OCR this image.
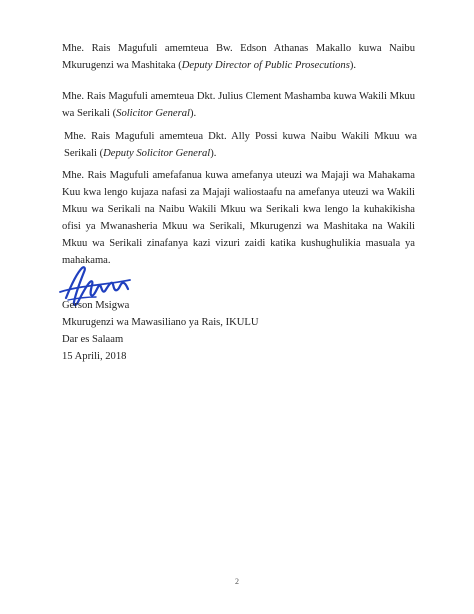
Mhe. Rais Magufuli amemteua Bw. Edson Athanas Makallo kuwa Naibu Mkurugenzi wa Mashitaka (Deputy Director of Public Prosecutions).

Mhe. Rais Magufuli amemteua Dkt. Julius Clement Mashamba kuwa Wakili Mkuu wa Serikali (Solicitor General).

Mhe. Rais Magufuli amemteua Dkt. Ally Possi kuwa Naibu Wakili Mkuu wa Serikali (Deputy Solicitor General).

Mhe. Rais Magufuli amefafanua kuwa amefanya uteuzi wa Majaji wa Mahakama Kuu kwa lengo kujaza nafasi za Majaji waliostaafu na amefanya uteuzi wa Wakili Mkuu wa Serikali na Naibu Wakili Mkuu wa Serikali kwa lengo la kuhakikisha ofisi ya Mwanasheria Mkuu wa Serikali, Mkurugenzi wa Mashitaka na Wakili Mkuu wa Serikali zinafanya kazi vizuri zaidi katika kushughulikia masuala ya mahakama.

Gerson Msigwa
Mkurugenzi wa Mawasiliano ya Rais, IKULU
Dar es Salaam
15 Aprili, 2018
2
